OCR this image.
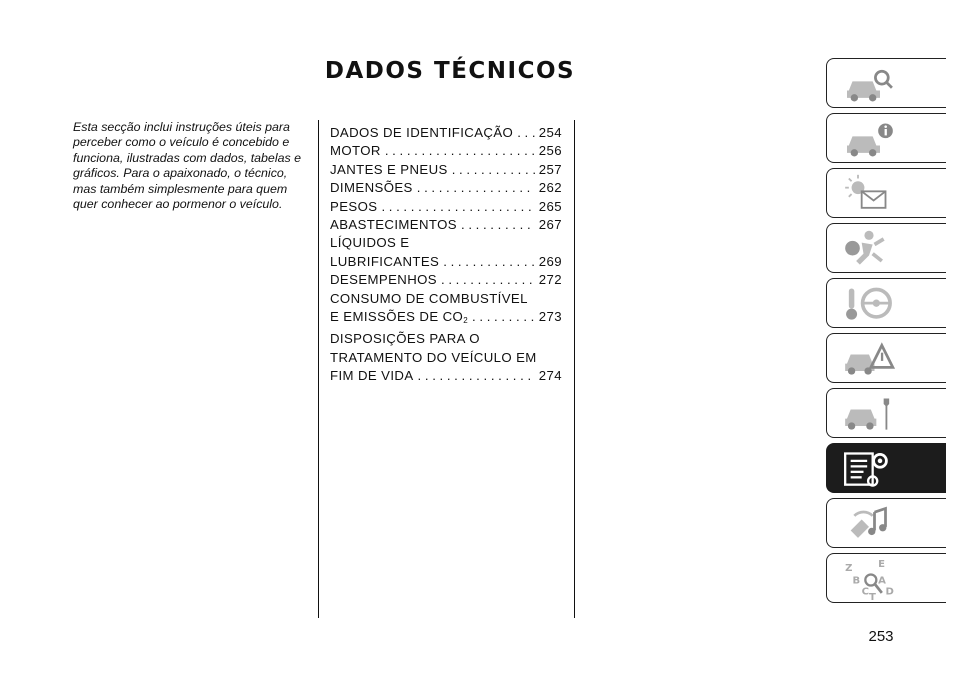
DADOS TÉCNICOS
Esta secção inclui instruções úteis para perceber como o veículo é concebido e funciona, ilustradas com dados, tabelas e gráficos. Para o apaixonado, o técnico, mas também simplesmente para quem quer conhecer ao pormenor o veículo.
DADOS DE IDENTIFICAÇÃO . . . 254
MOTOR . . .	256
JANTES E PNEUS . . .	257
DIMENSÕES . . .	262
PESOS . . .	265
ABASTECIMENTOS . . .	267
LÍQUIDOS E
LUBRIFICANTES . . .	269
DESEMPENHOS . . .	272
CONSUMO DE COMBUSTÍVEL
E EMISSÕES DE $CO_2$ . . .	273
DISPOSIÇÕES PARA O
TRATAMENTO DO VEÍCULO EM
FIM DE VIDA . . .	274
Z E
B A
C D
T
253
